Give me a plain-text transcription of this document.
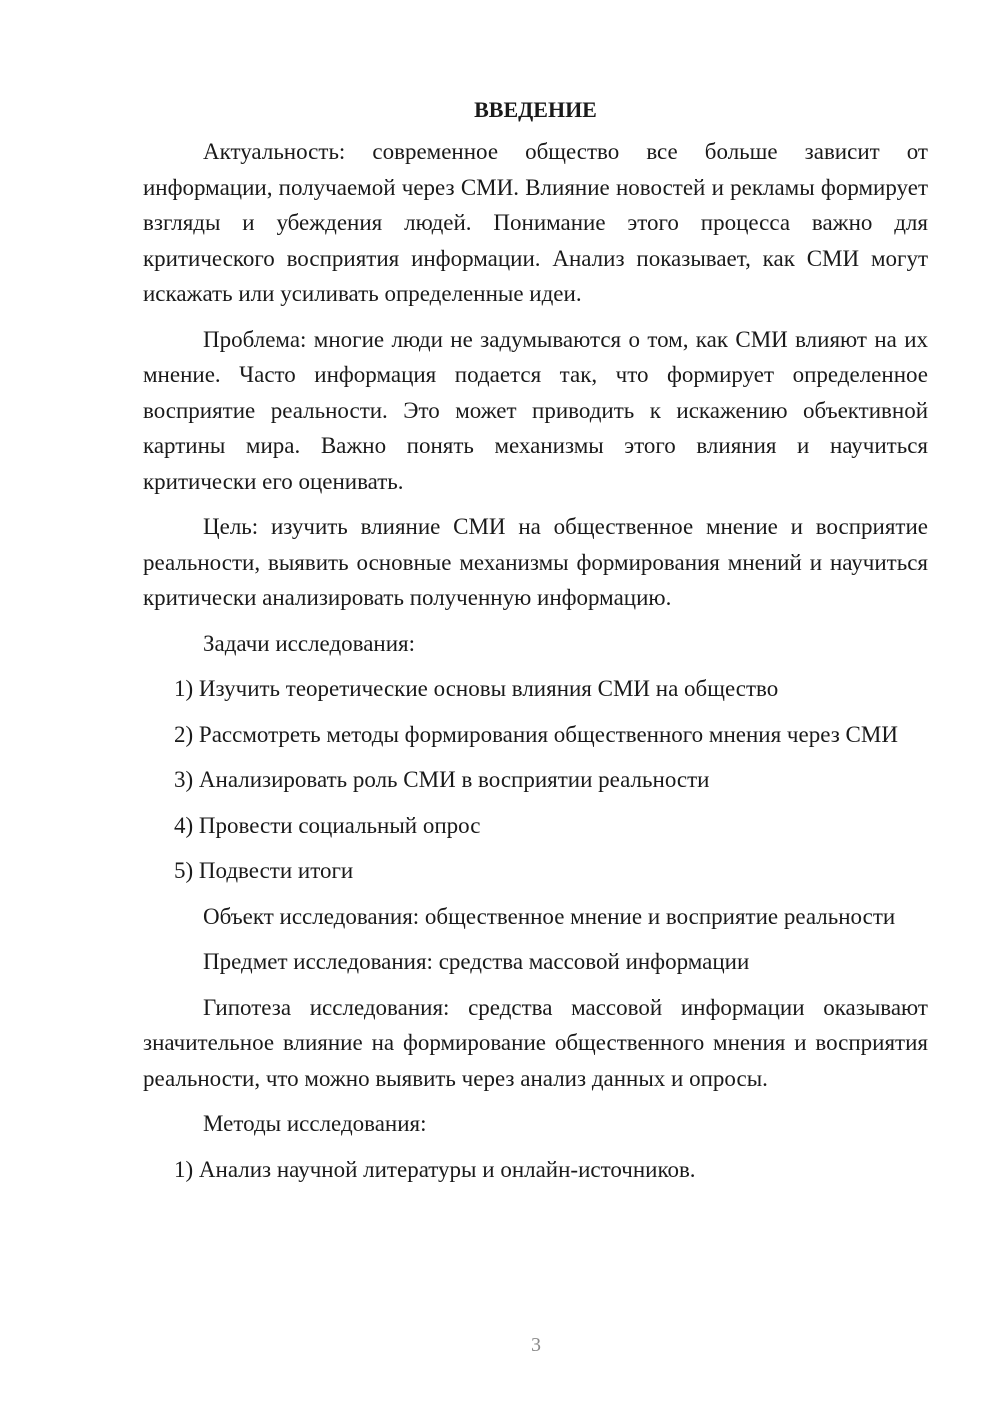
ВВЕДЕНИЕ

Актуальность: современное общество все больше зависит от информации, получаемой через СМИ. Влияние новостей и рекламы формирует взгляды и убеждения людей. Понимание этого процесса важно для критического восприятия информации. Анализ показывает, как СМИ могут искажать или усиливать определенные идеи.

Проблема: многие люди не задумываются о том, как СМИ влияют на их мнение. Часто информация подается так, что формирует определенное восприятие реальности. Это может приводить к искажению объективной картины мира. Важно понять механизмы этого влияния и научиться критически его оценивать.

Цель: изучить влияние СМИ на общественное мнение и восприятие реальности, выявить основные механизмы формирования мнений и научиться критически анализировать полученную информацию.

Задачи исследования:

1) Изучить теоретические основы влияния СМИ на общество

2) Рассмотреть методы формирования общественного мнения через СМИ

3) Анализировать роль СМИ в восприятии реальности

4) Провести социальный опрос

5) Подвести итоги

Объект исследования: общественное мнение и восприятие реальности

Предмет исследования: средства массовой информации

Гипотеза исследования: средства массовой информации оказывают значительное влияние на формирование общественного мнения и восприятия реальности, что можно выявить через анализ данных и опросы.

Методы исследования:

1) Анализ научной литературы и онлайн-источников.

3
